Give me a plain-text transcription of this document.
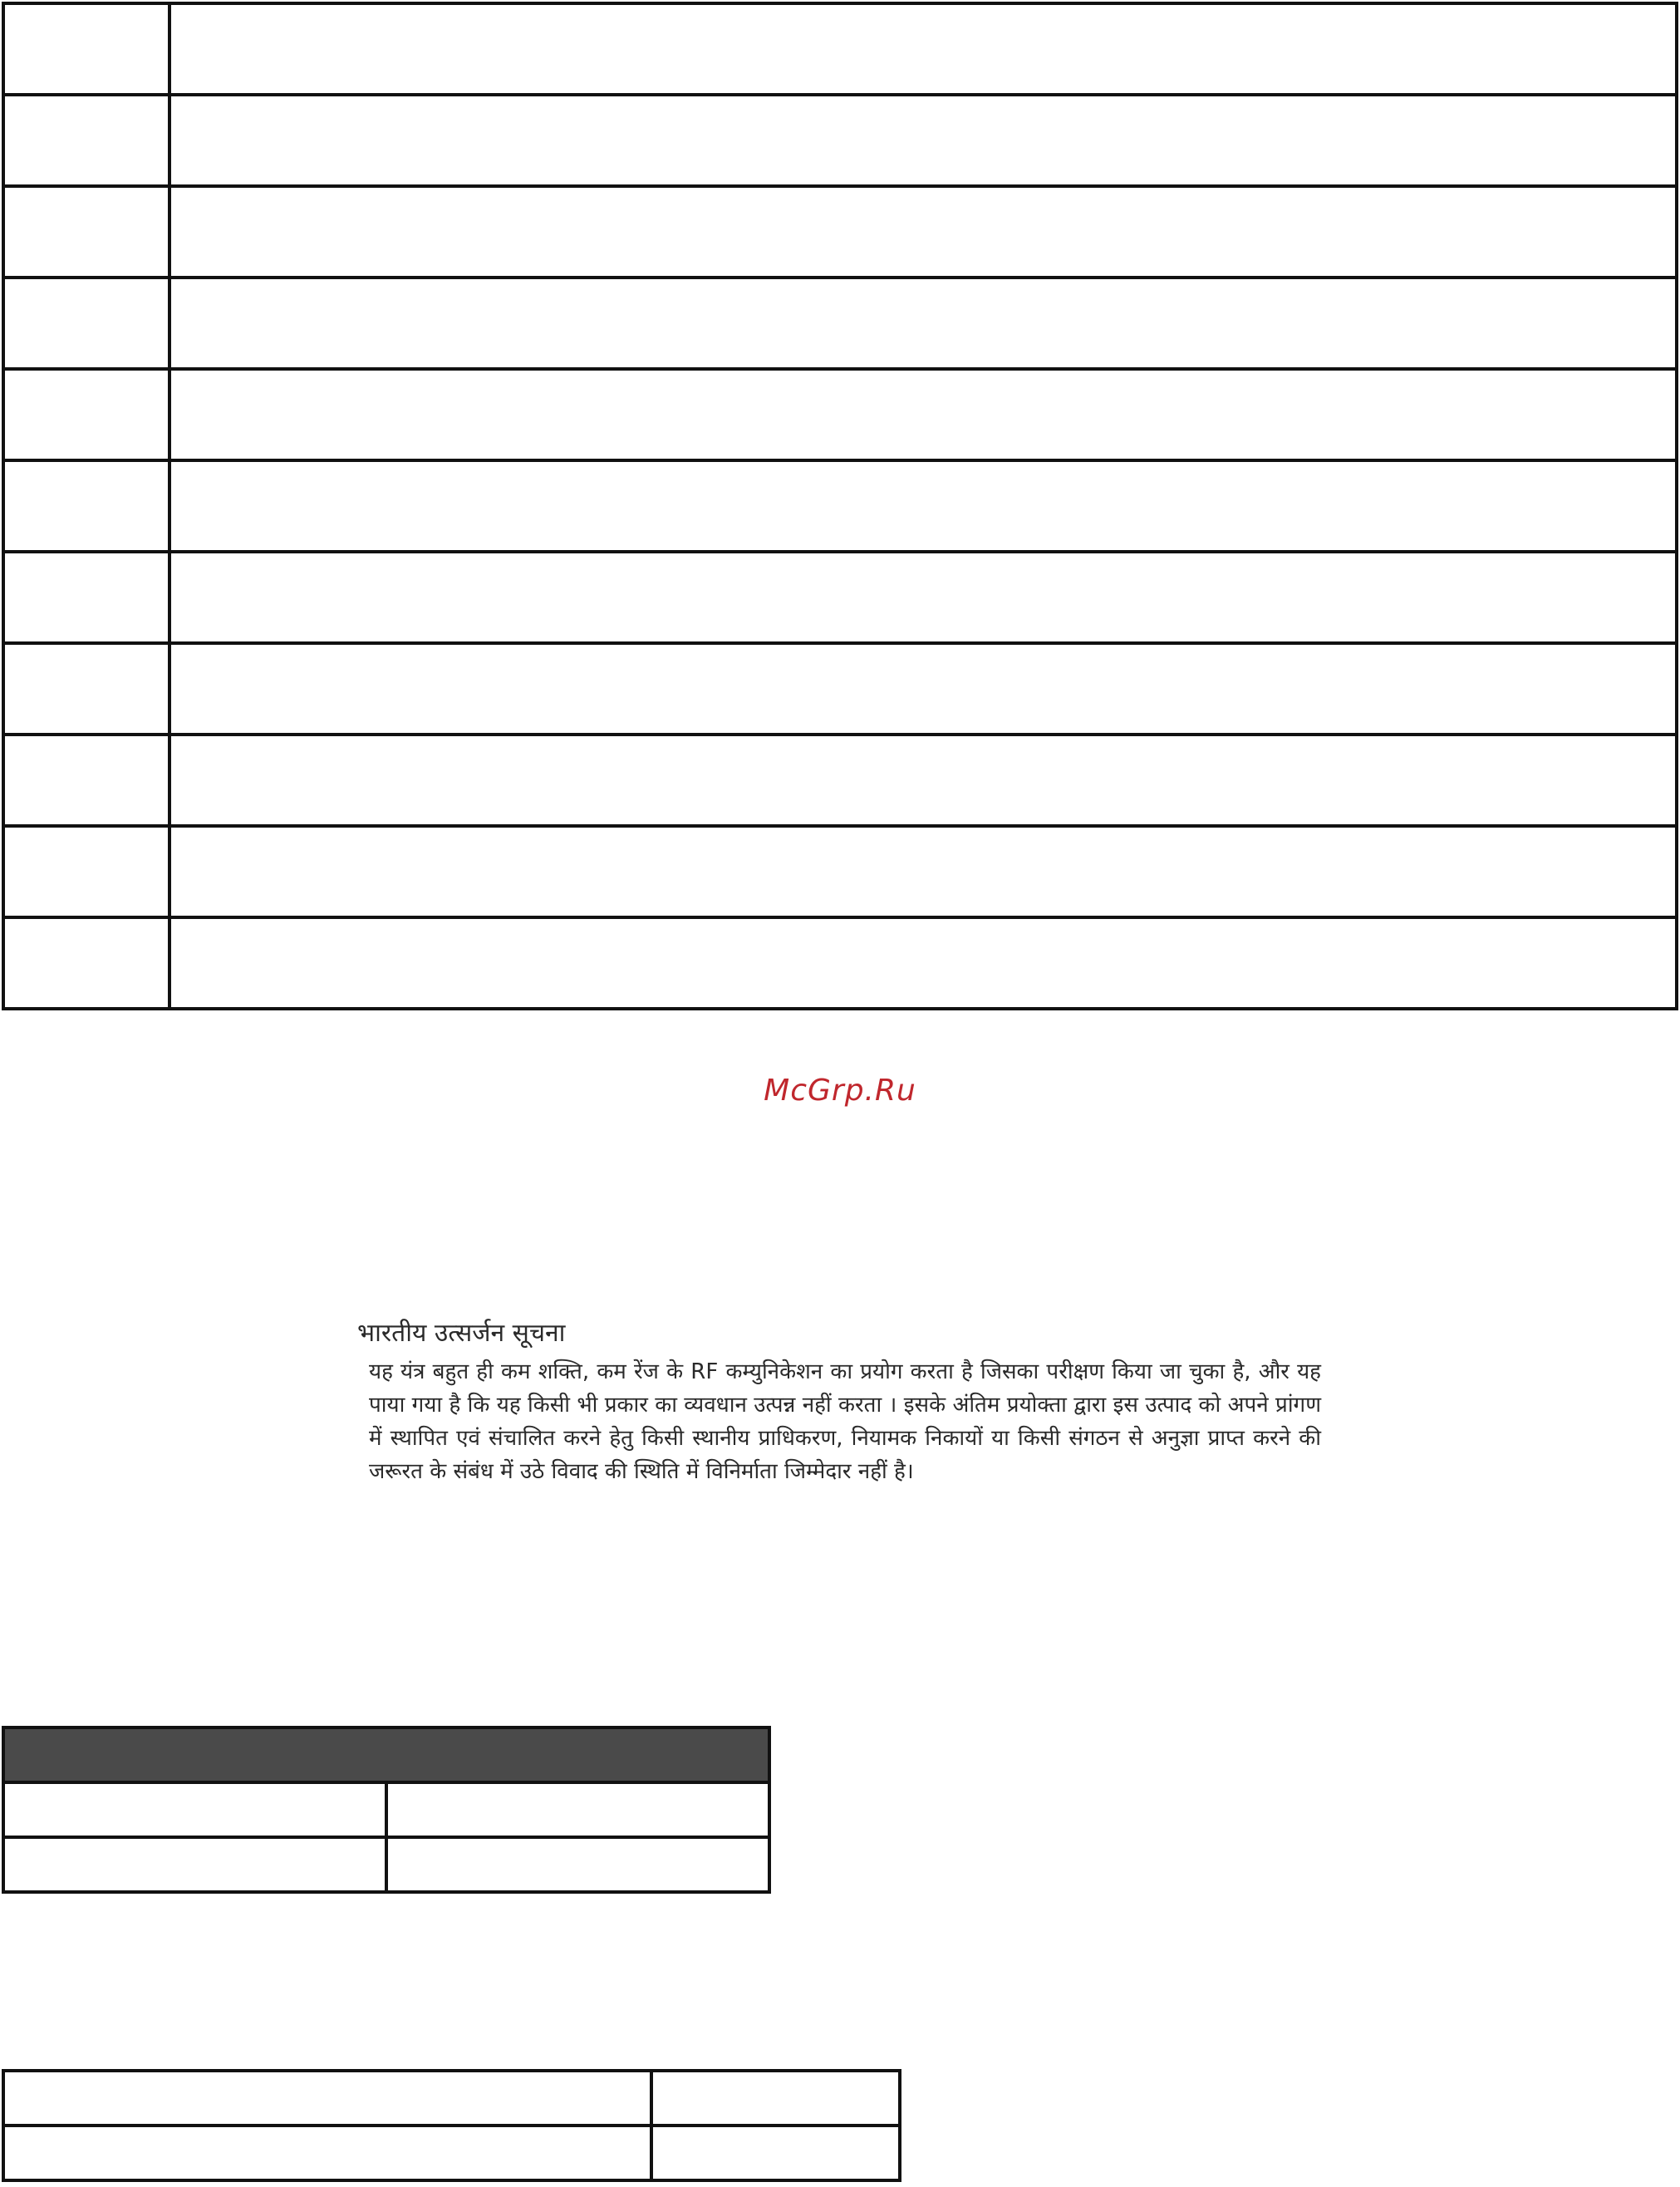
McGrp.Ru
भारतीय उत्सर्जन सूचना

यह यंत्र बहुत ही कम शक्ति, कम रेंज के RF कम्युनिकेशन का प्रयोग करता है जिसका परीक्षण किया जा चुका है, और यह पाया गया है कि यह किसी भी प्रकार का व्यवधान उत्पन्न नहीं करता । इसके अंतिम प्रयोक्ता द्वारा इस उत्पाद को अपने प्रांगण में स्थापित एवं संचालित करने हेतु किसी स्थानीय प्राधिकरण, नियामक निकायों या किसी संगठन से अनुज्ञा प्राप्त करने की जरूरत के संबंध में उठे विवाद की स्थिति में विनिर्माता जिम्मेदार नहीं है।
